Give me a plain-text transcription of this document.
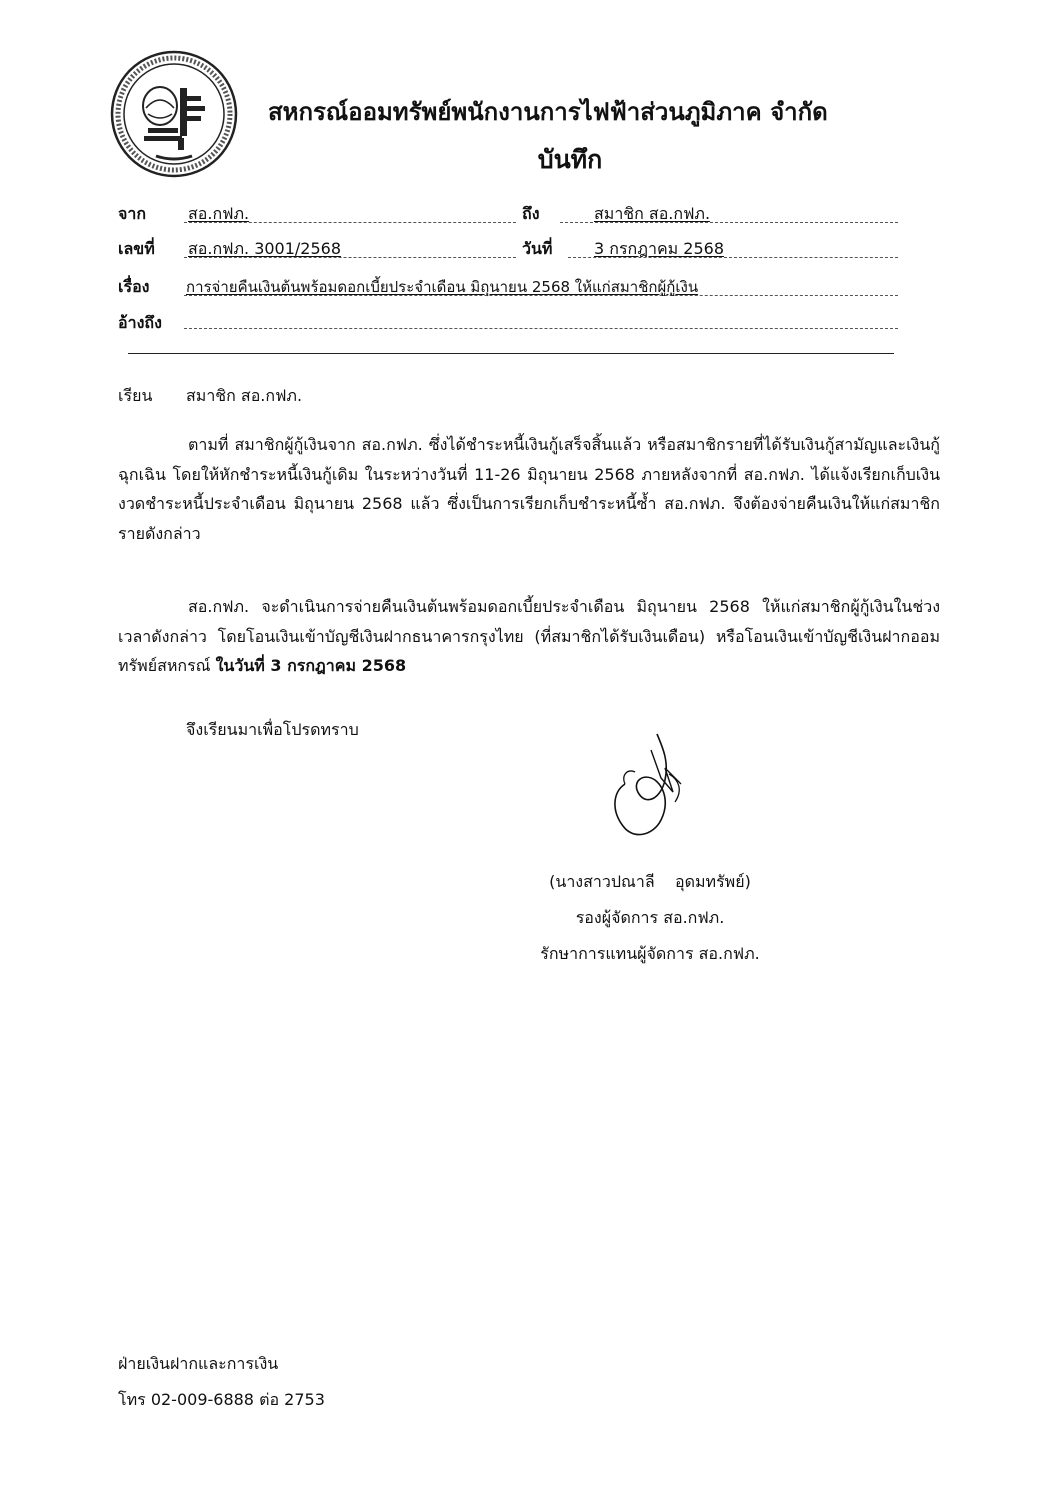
สหกรณ์ออมทรัพย์พนักงานการไฟฟ้าส่วนภูมิภาค จำกัด
บันทึก
จาก	สอ.กฟภ.	ถึง	สมาชิก สอ.กฟภ.
เลขที่ สอ.กฟภ. 3001/2568	วันที่	3 กรกฎาคม 2568
เรื่อง การจ่ายคืนเงินต้นพร้อมดอกเบี้ยประจำเดือน มิถุนายน 2568 ให้แก่สมาชิกผู้กู้เงิน
อ้างถึง
เรียน สมาชิก สอ.กฟภ.

ตามที่ สมาชิกผู้กู้เงินจาก สอ.กฟภ. ซึ่งได้ชำระหนี้เงินกู้เสร็จสิ้นแล้ว หรือสมาชิกรายที่ได้รับเงินกู้สามัญและเงินกู้ฉุกเฉิน โดยให้หักชำระหนี้เงินกู้เดิม ในระหว่างวันที่ 11-26 มิถุนายน 2568 ภายหลังจากที่ สอ.กฟภ. ได้แจ้งเรียกเก็บเงินงวดชำระหนี้ประจำเดือน มิถุนายน 2568 แล้ว ซึ่งเป็นการเรียกเก็บชำระหนี้ซ้ำ สอ.กฟภ. จึงต้องจ่ายคืนเงินให้แก่สมาชิกรายดังกล่าว

สอ.กฟภ. จะดำเนินการจ่ายคืนเงินต้นพร้อมดอกเบี้ยประจำเดือน มิถุนายน 2568 ให้แก่สมาชิกผู้กู้เงินในช่วงเวลาดังกล่าว โดยโอนเงินเข้าบัญชีเงินฝากธนาคารกรุงไทย (ที่สมาชิกได้รับเงินเดือน) หรือโอนเงินเข้าบัญชีเงินฝากออมทรัพย์สหกรณ์ ในวันที่ 3 กรกฎาคม 2568

จึงเรียนมาเพื่อโปรดทราบ
(นางสาวปณาลี    อุดมทรัพย์)
รองผู้จัดการ สอ.กฟภ.
รักษาการแทนผู้จัดการ สอ.กฟภ.
ฝ่ายเงินฝากและการเงิน
โทร 02-009-6888 ต่อ 2753
